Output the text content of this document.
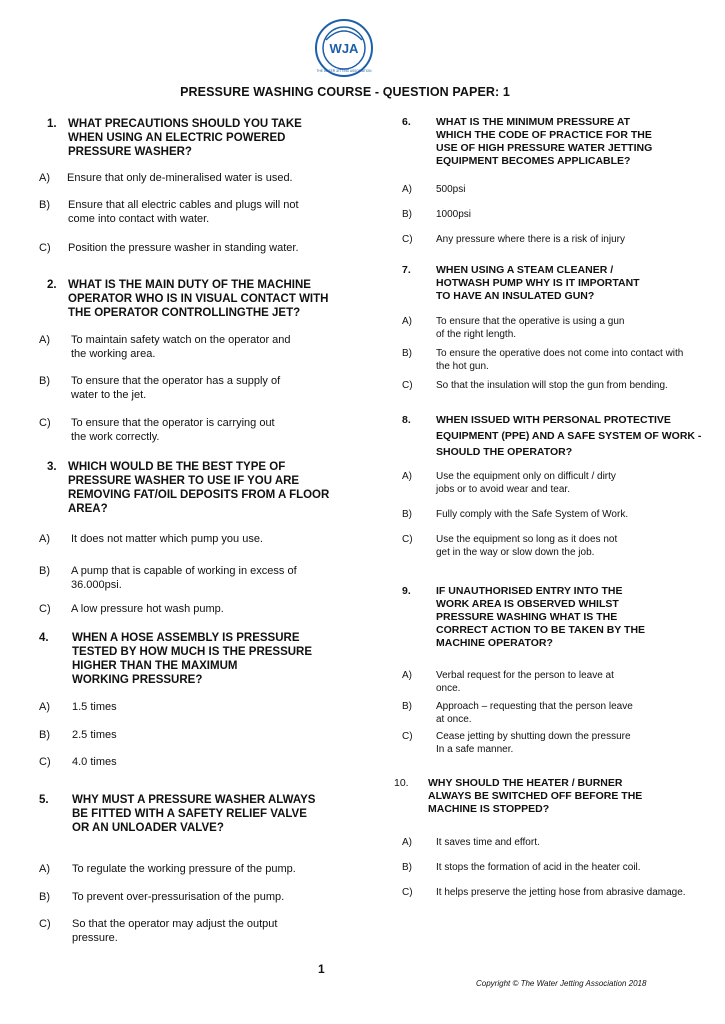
WJA
THE WATER JETTING ASSOCIATION
PRESSURE WASHING COURSE - QUESTION PAPER: 1
1. WHAT PRECAUTIONS SHOULD YOU TAKE
WHEN USING AN ELECTRIC POWERED
PRESSURE WASHER?
A) Ensure that only de-mineralised water is used.
B) Ensure that all electric cables and plugs will not
come into contact with water.
C) Position the pressure washer in standing water.
2. WHAT IS THE MAIN DUTY OF THE MACHINE
OPERATOR WHO IS IN VISUAL CONTACT WITH
THE OPERATOR CONTROLLINGTHE JET?
A) To maintain safety watch on the operator and
the working area.
B) To ensure that the operator has a supply of
water to the jet.
C) To ensure that the operator is carrying out
the work correctly.
3. WHICH WOULD BE THE BEST TYPE OF
PRESSURE WASHER TO USE IF YOU ARE
REMOVING FAT/OIL DEPOSITS FROM A FLOOR
AREA?
A) It does not matter which pump you use.
B) A pump that is capable of working in excess of
36.000psi.
C) A low pressure hot wash pump.
4. WHEN A HOSE ASSEMBLY IS PRESSURE
TESTED BY HOW MUCH IS THE PRESSURE
HIGHER THAN THE MAXIMUM
WORKING PRESSURE?
A) 1.5 times
B) 2.5 times
C) 4.0 times
5. WHY MUST A PRESSURE WASHER ALWAYS
BE FITTED WITH A SAFETY RELIEF VALVE
OR AN UNLOADER VALVE?
A) To regulate the working pressure of the pump.
B) To prevent over-pressurisation of the pump.
C) So that the operator may adjust the output
pressure.
6. WHAT IS THE MINIMUM PRESSURE AT
WHICH THE CODE OF PRACTICE FOR THE
USE OF HIGH PRESSURE WATER JETTING
EQUIPMENT BECOMES APPLICABLE?
A) 500psi
B) 1000psi
C) Any pressure where there is a risk of injury
7. WHEN USING A STEAM CLEANER /
HOTWASH PUMP WHY IS IT IMPORTANT
TO HAVE AN INSULATED GUN?
A) To ensure that the operative is using a gun
of the right length.
B) To ensure the operative does not come into contact with
the hot gun.
C) So that the insulation will stop the gun from bending.
8. WHEN ISSUED WITH PERSONAL PROTECTIVE
EQUIPMENT (PPE) AND A SAFE SYSTEM OF WORK -
SHOULD THE OPERATOR?
A) Use the equipment only on difficult / dirty
jobs or to avoid wear and tear.
B) Fully comply with the Safe System of Work.
C) Use the equipment so long as it does not
get in the way or slow down the job.
9. IF UNAUTHORISED ENTRY INTO THE
WORK AREA IS OBSERVED WHILST
PRESSURE WASHING WHAT IS THE
CORRECT ACTION TO BE TAKEN BY THE
MACHINE OPERATOR?
A) Verbal request for the person to leave at
once.
B) Approach – requesting that the person leave
at once.
C) Cease jetting by shutting down the pressure
In a safe manner.
10. WHY SHOULD THE HEATER / BURNER
ALWAYS BE SWITCHED OFF BEFORE THE
MACHINE IS STOPPED?
A) It saves time and effort.
B) It stops the formation of acid in the heater coil.
C) It helps preserve the jetting hose from abrasive damage.
1
Copyright © The Water Jetting Association 2018
